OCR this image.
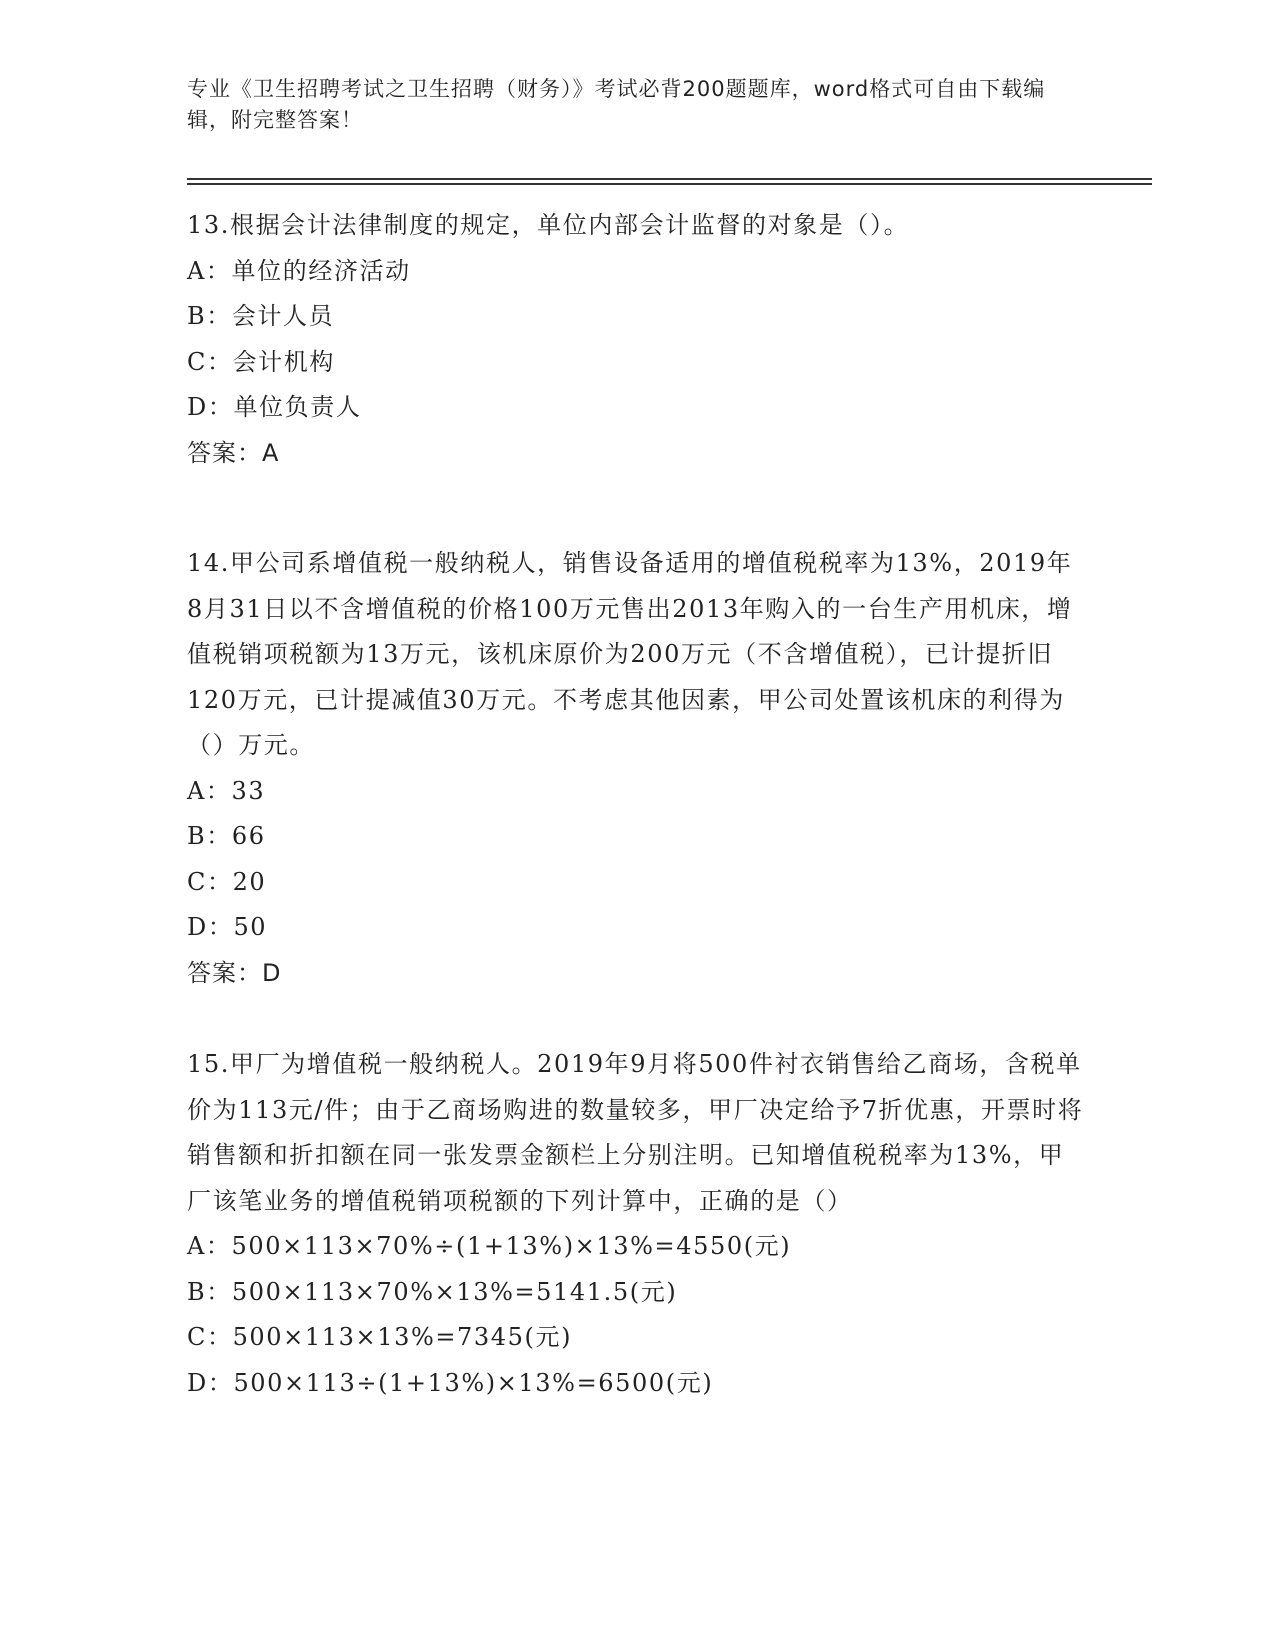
专业《卫生招聘考试之卫生招聘（财务）》考试必背200题题库，word格式可自由下载编辑，附完整答案！

13.根据会计法律制度的规定，单位内部会计监督的对象是（）。

A：单位的经济活动

B：会计人员

C：会计机构

D：单位负责人

答案：A

14.甲公司系增值税一般纳税人，销售设备适用的增值税税率为13%，2019年8月31日以不含增值税的价格100万元售出2013年购入的一台生产用机床，增值税销项税额为13万元，该机床原价为200万元（不含增值税），已计提折旧120万元，已计提减值30万元。不考虑其他因素，甲公司处置该机床的利得为（）万元。

A：33

B：66

C：20

D：50

答案：D

15.甲厂为增值税一般纳税人。2019年9月将500件衬衣销售给乙商场，含税单价为113元/件；由于乙商场购进的数量较多，甲厂决定给予7折优惠，开票时将销售额和折扣额在同一张发票金额栏上分别注明。已知增值税税率为13%，甲厂该笔业务的增值税销项税额的下列计算中，正确的是（）

A：500×113×70%÷(1+13%)×13%=4550(元)

B：500×113×70%×13%=5141.5(元)

C：500×113×13%=7345(元)

D：500×113÷(1+13%)×13%=6500(元)
